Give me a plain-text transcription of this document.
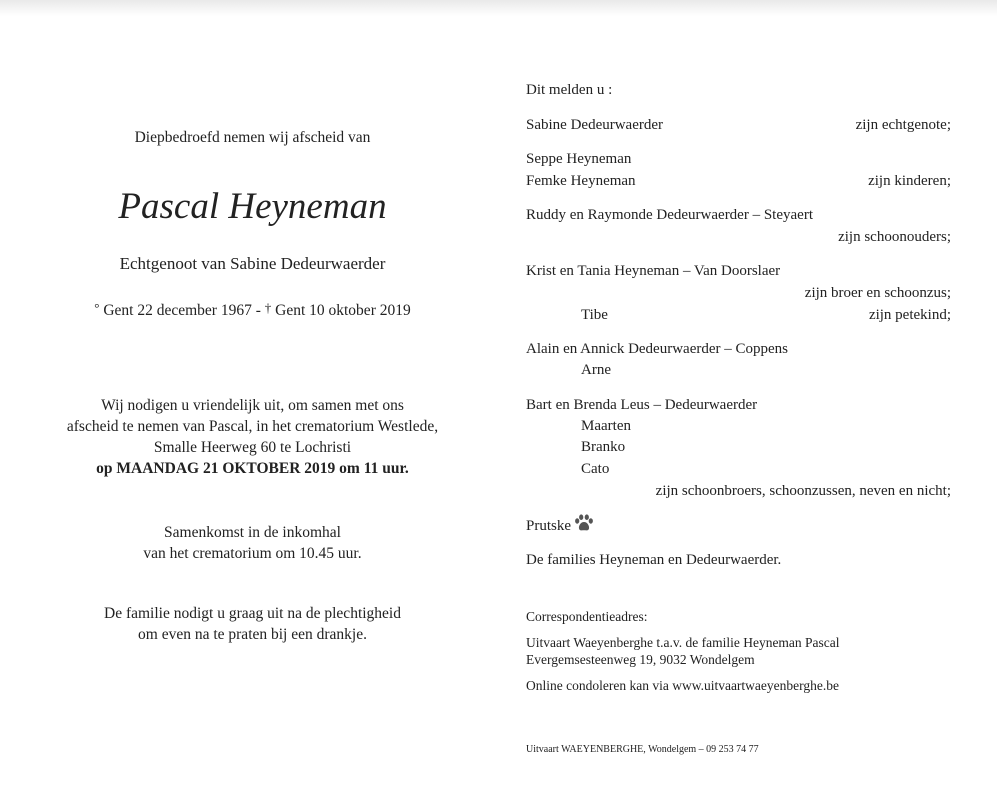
Diepbedroefd nemen wij afscheid van
Pascal Heyneman
Echtgenoot van Sabine Dedeurwaerder
° Gent 22 december 1967 - † Gent 10 oktober 2019
Wij nodigen u vriendelijk uit, om samen met ons
afscheid te nemen van Pascal, in het crematorium Westlede,
Smalle Heerweg 60 te Lochristi
op MAANDAG 21 OKTOBER 2019 om 11 uur.
Samenkomst in de inkomhal
van het crematorium om 10.45 uur.
De familie nodigt u graag uit na de plechtigheid
om even na te praten bij een drankje.
Dit melden u :
Sabine Dedeurwaerder	zijn echtgenote;
Seppe Heyneman
Femke Heyneman	zijn kinderen;
Ruddy en Raymonde Dedeurwaerder – Steyaert
zijn schoonouders;
Krist en Tania Heyneman – Van Doorslaer
zijn broer en schoonzus;
Tibe	zijn petekind;
Alain en Annick Dedeurwaerder – Coppens
Arne
Bart en Brenda Leus – Dedeurwaerder
Maarten
Branko
Cato
zijn schoonbroers, schoonzussen, neven en nicht;
Prutske
De families Heyneman en Dedeurwaerder.
Correspondentieadres:
Uitvaart Waeyenberghe t.a.v. de familie Heyneman Pascal
Evergemsesteenweg 19, 9032 Wondelgem
Online condoleren kan via www.uitvaartwaeyenberghe.be
Uitvaart WAEYENBERGHE, Wondelgem – 09 253 74 77
